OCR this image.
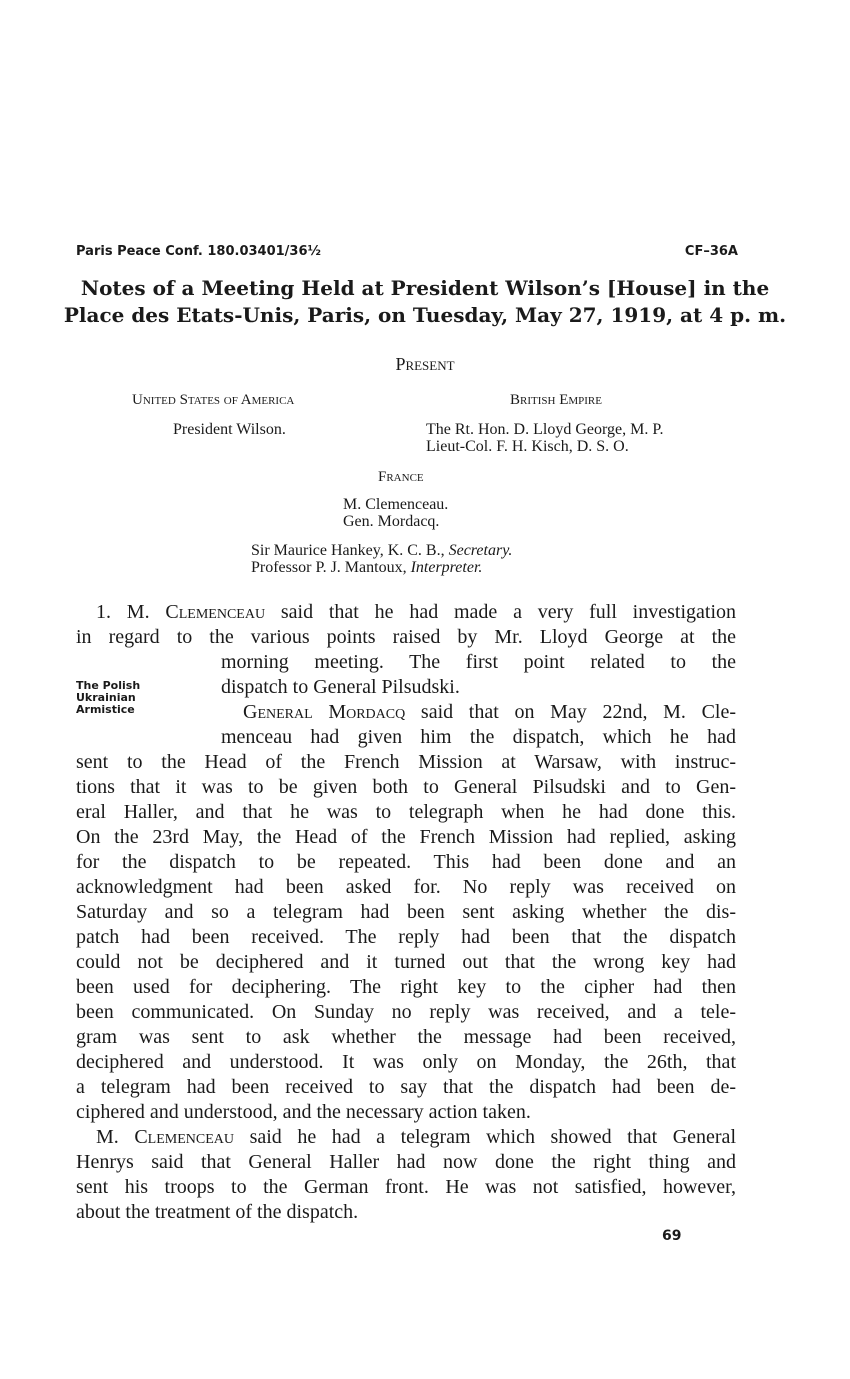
Paris Peace Conf. 180.03401/36½	CF–36A
Notes of a Meeting Held at President Wilson’s [House] in the
Place des Etats-Unis, Paris, on Tuesday, May 27, 1919, at 4 p. m.
Present
United States of America
President Wilson.
British Empire
The Rt. Hon. D. Lloyd George, M. P.
Lieut-Col. F. H. Kisch, D. S. O.
France
M. Clemenceau.
Gen. Mordacq.
Sir Maurice Hankey, K. C. B., Secretary.
Professor P. J. Mantoux, Interpreter.
The Polish
Ukrainian
Armistice
1. M. Clemenceau said that he had made a very full investigation
in regard to the various points raised by Mr. Lloyd George at the
morning meeting. The first point related to the
dispatch to General Pilsudski.
General Mordacq said that on May 22nd, M. Cle-
menceau had given him the dispatch, which he had
sent to the Head of the French Mission at Warsaw, with instruc-
tions that it was to be given both to General Pilsudski and to Gen-
eral Haller, and that he was to telegraph when he had done this.
On the 23rd May, the Head of the French Mission had replied, asking
for the dispatch to be repeated. This had been done and an
acknowledgment had been asked for. No reply was received on
Saturday and so a telegram had been sent asking whether the dis-
patch had been received. The reply had been that the dispatch
could not be deciphered and it turned out that the wrong key had
been used for deciphering. The right key to the cipher had then
been communicated. On Sunday no reply was received, and a tele-
gram was sent to ask whether the message had been received,
deciphered and understood. It was only on Monday, the 26th, that
a telegram had been received to say that the dispatch had been de-
ciphered and understood, and the necessary action taken.
M. Clemenceau said he had a telegram which showed that General
Henrys said that General Haller had now done the right thing and
sent his troops to the German front. He was not satisfied, however,
about the treatment of the dispatch.
69
